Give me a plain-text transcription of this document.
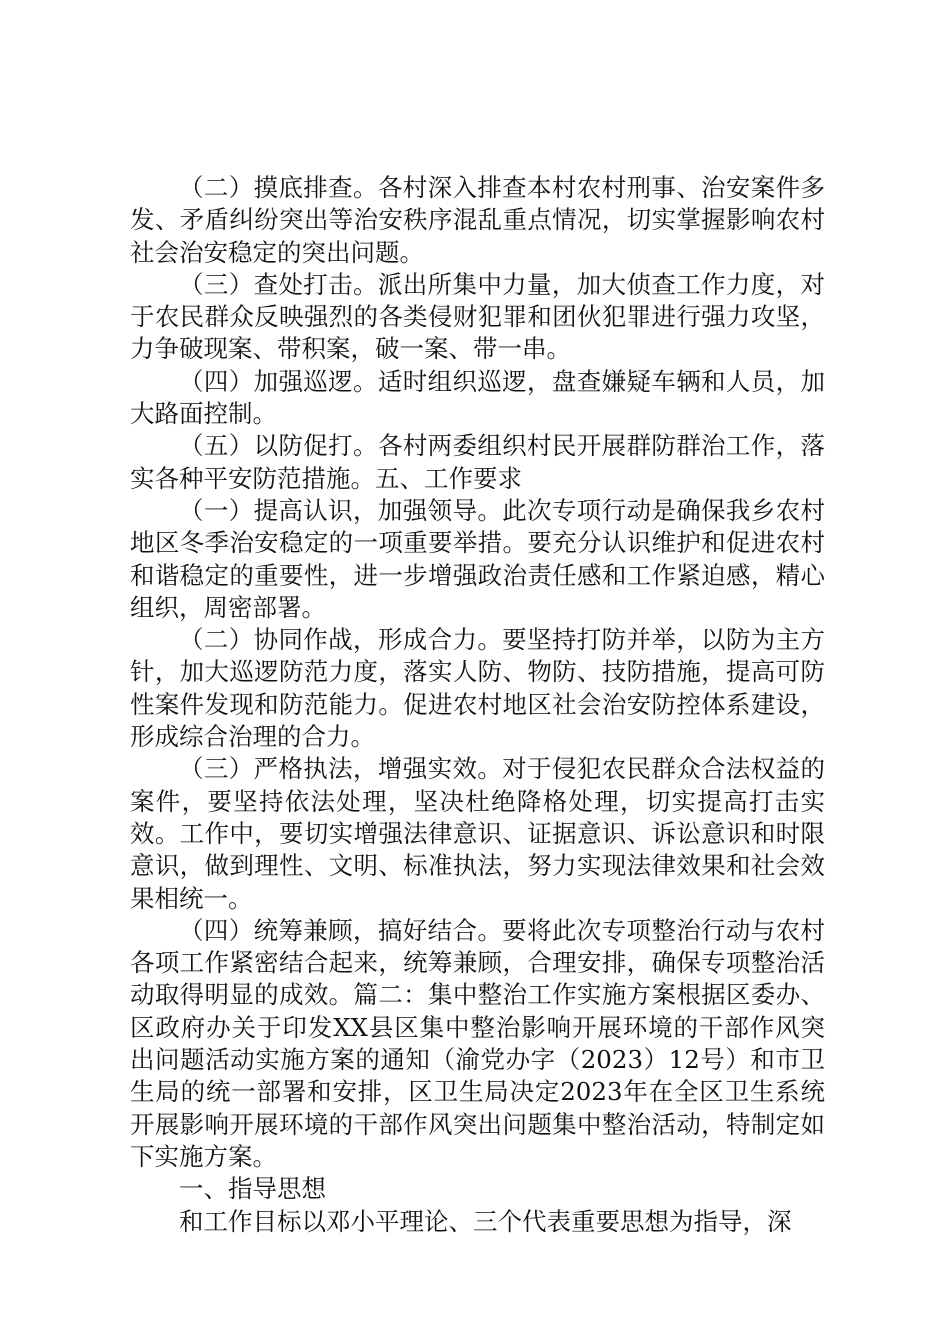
（二）摸底排查。各村深入排查本村农村刑事、治安案件多发、矛盾纠纷突出等治安秩序混乱重点情况，切实掌握影响农村社会治安稳定的突出问题。

（三）查处打击。派出所集中力量，加大侦查工作力度，对于农民群众反映强烈的各类侵财犯罪和团伙犯罪进行强力攻坚，力争破现案、带积案，破一案、带一串。

（四）加强巡逻。适时组织巡逻，盘查嫌疑车辆和人员，加大路面控制。

（五）以防促打。各村两委组织村民开展群防群治工作，落实各种平安防范措施。五、工作要求

（一）提高认识，加强领导。此次专项行动是确保我乡农村地区冬季治安稳定的一项重要举措。要充分认识维护和促进农村和谐稳定的重要性，进一步增强政治责任感和工作紧迫感，精心组织，周密部署。

（二）协同作战，形成合力。要坚持打防并举，以防为主方针，加大巡逻防范力度，落实人防、物防、技防措施，提高可防性案件发现和防范能力。促进农村地区社会治安防控体系建设，形成综合治理的合力。

（三）严格执法，增强实效。对于侵犯农民群众合法权益的案件，要坚持依法处理，坚决杜绝降格处理，切实提高打击实效。工作中，要切实增强法律意识、证据意识、诉讼意识和时限意识，做到理性、文明、标准执法，努力实现法律效果和社会效果相统一。

（四）统筹兼顾，搞好结合。要将此次专项整治行动与农村各项工作紧密结合起来，统筹兼顾，合理安排，确保专项整治活动取得明显的成效。篇二：集中整治工作实施方案根据区委办、区政府办关于印发XX县区集中整治影响开展环境的干部作风突出问题活动实施方案的通知（渝党办字（2023）12号）和市卫生局的统一部署和安排，区卫生局决定2023年在全区卫生系统开展影响开展环境的干部作风突出问题集中整治活动，特制定如下实施方案。

一、指导思想

和工作目标以邓小平理论、三个代表重要思想为指导，深
